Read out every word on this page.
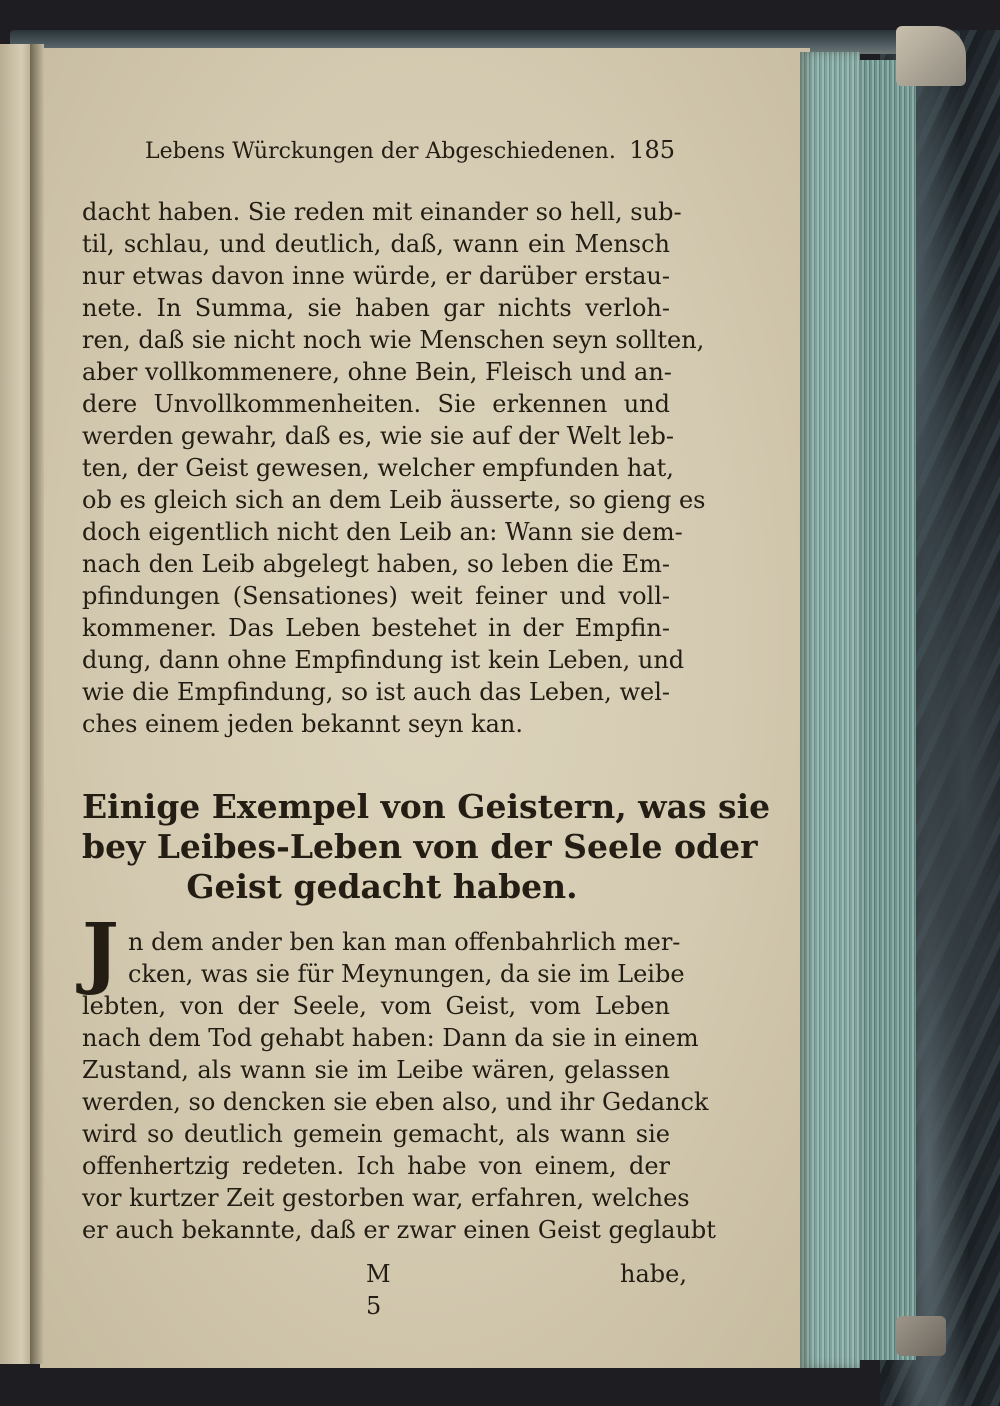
Lebens Würckungen der Abgeschiedenen. 185
dacht haben. Sie reden mit einander so hell, sub-
til, schlau, und deutlich, daß, wann ein Mensch
nur etwas davon inne würde, er darüber erstau-
nete. In Summa, sie haben gar nichts verloh-
ren, daß sie nicht noch wie Menschen seyn sollten,
aber vollkommenere, ohne Bein, Fleisch und an-
dere Unvollkommenheiten. Sie erkennen und
werden gewahr, daß es, wie sie auf der Welt leb-
ten, der Geist gewesen, welcher empfunden hat,
ob es gleich sich an dem Leib äusserte, so gieng es
doch eigentlich nicht den Leib an: Wann sie dem-
nach den Leib abgelegt haben, so leben die Em-
pfindungen (Sensationes) weit feiner und voll-
kommener. Das Leben bestehet in der Empfin-
dung, dann ohne Empfindung ist kein Leben, und
wie die Empfindung, so ist auch das Leben, wel-
ches einem jeden bekannt seyn kan.
Einige Exempel von Geistern, was sie
bey Leibes-Leben von der Seele oder
Geist gedacht haben.
J n dem ander ben kan man offenbahrlich mer-
cken, was sie für Meynungen, da sie im Leibe
lebten, von der Seele, vom Geist, vom Leben
nach dem Tod gehabt haben: Dann da sie in einem
Zustand, als wann sie im Leibe wären, gelassen
werden, so dencken sie eben also, und ihr Gedanck
wird so deutlich gemein gemacht, als wann sie
offenhertzig redeten. Ich habe von einem, der
vor kurtzer Zeit gestorben war, erfahren, welches
er auch bekannte, daß er zwar einen Geist geglaubt
M 5
habe,
